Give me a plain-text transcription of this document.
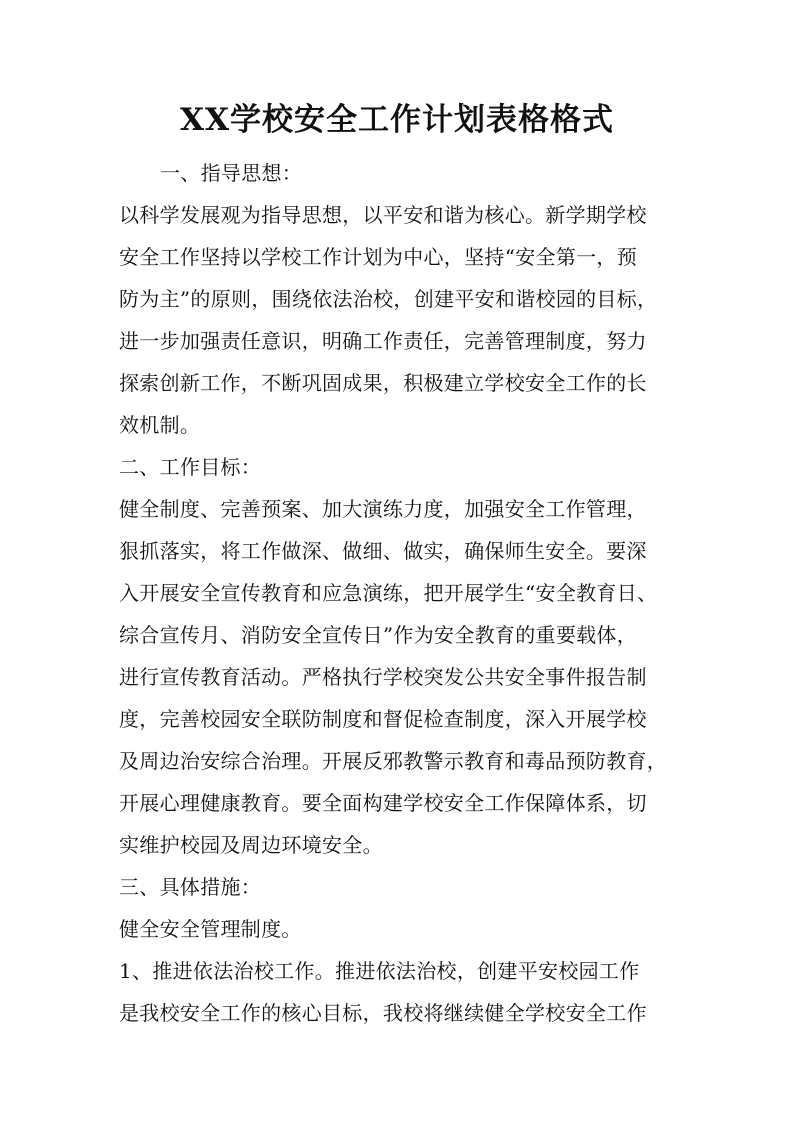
XX学校安全工作计划表格格式
一、指导思想：
以科学发展观为指导思想，以平安和谐为核心。新学期学校
安全工作坚持以学校工作计划为中心，坚持“安全第一，预
防为主”的原则，围绕依法治校，创建平安和谐校园的目标，
进一步加强责任意识，明确工作责任，完善管理制度，努力
探索创新工作，不断巩固成果，积极建立学校安全工作的长
效机制。
二、工作目标：
健全制度、完善预案、加大演练力度，加强安全工作管理，
狠抓落实，将工作做深、做细、做实，确保师生安全。要深
入开展安全宣传教育和应急演练，把开展学生“安全教育日、
综合宣传月、消防安全宣传日”作为安全教育的重要载体，
进行宣传教育活动。严格执行学校突发公共安全事件报告制
度，完善校园安全联防制度和督促检查制度，深入开展学校
及周边治安综合治理。开展反邪教警示教育和毒品预防教育，
开展心理健康教育。要全面构建学校安全工作保障体系，切
实维护校园及周边环境安全。
三、具体措施：
健全安全管理制度。
1、推进依法治校工作。推进依法治校，创建平安校园工作
是我校安全工作的核心目标，我校将继续健全学校安全工作
